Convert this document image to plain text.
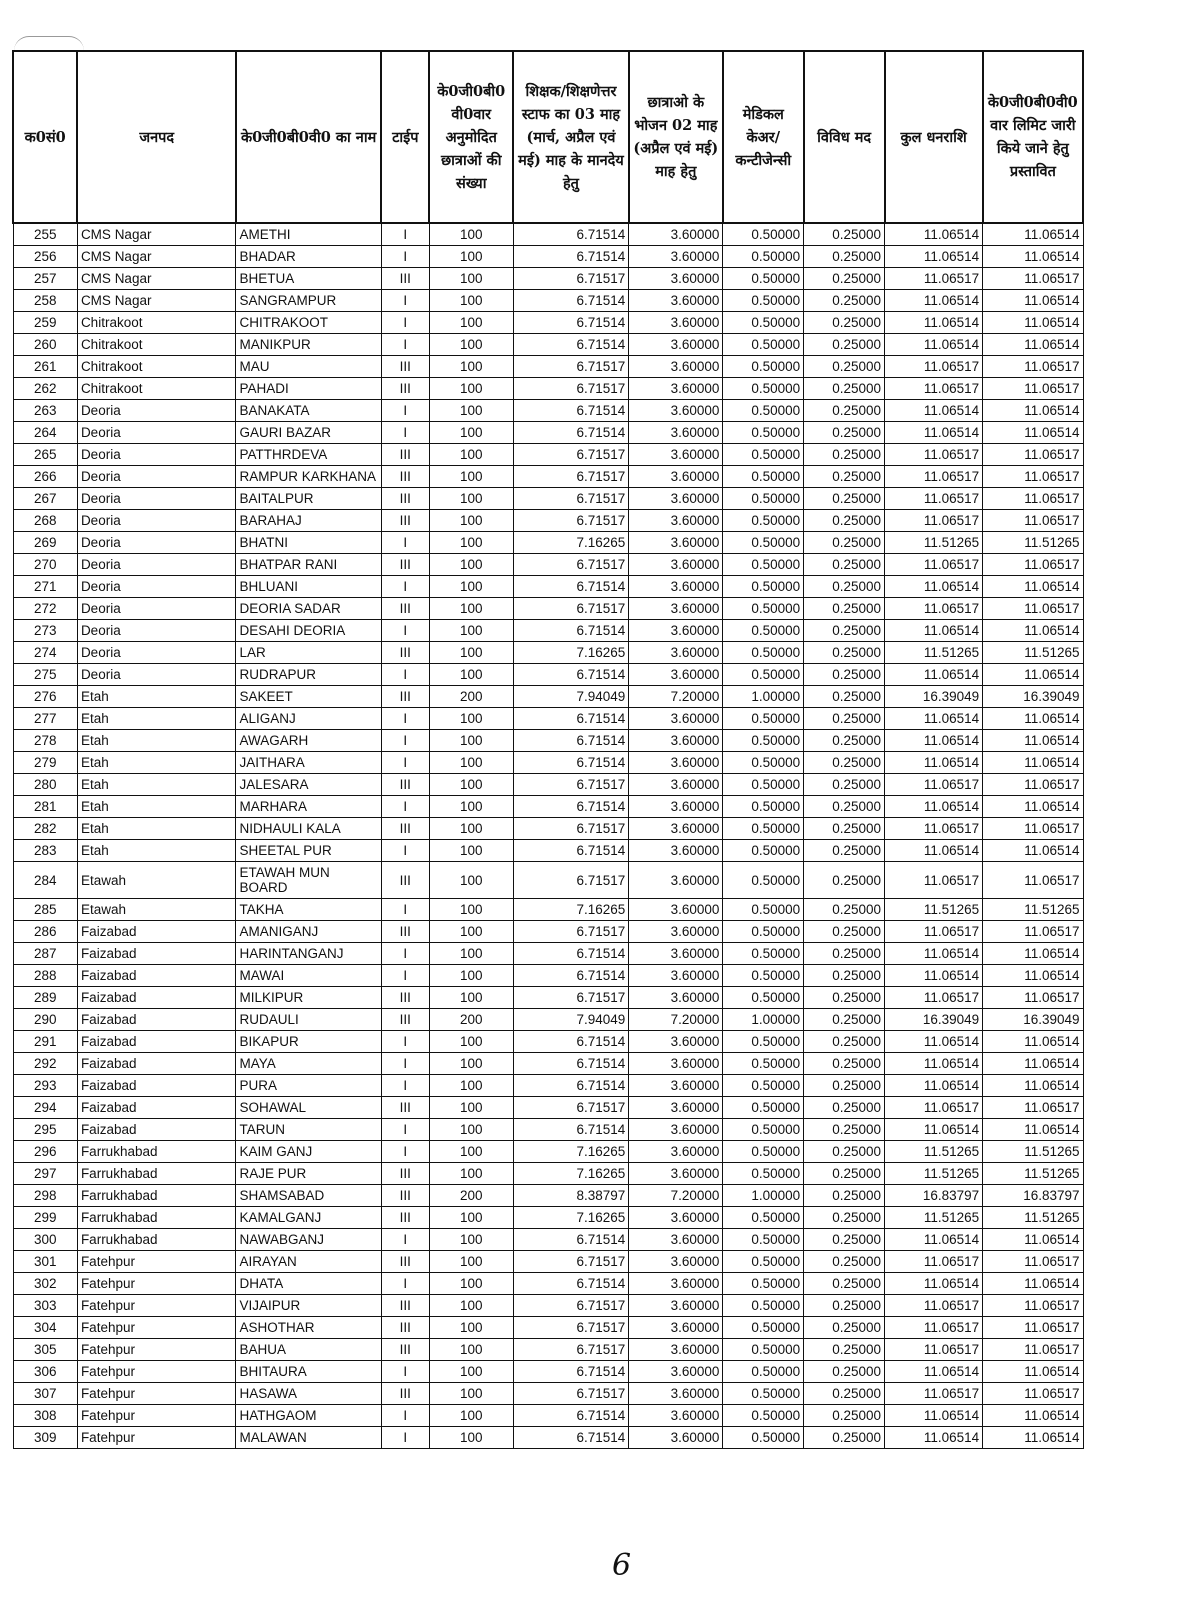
क0सं0	जनपद	के0जी0बी0वी0 का नाम	टाईप	के0जी0बी0 वी0वार अनुमोदित छात्राओं की संख्या	शिक्षक/शिक्षणेत्तर स्टाफ का 03 माह (मार्च, अप्रैल एवं मई) माह के मानदेय हेतु	छात्राओ के भोजन 02 माह (अप्रैल एवं मई) माह हेतु	मेडिकल केअर/ कन्टीजेन्सी	विविध मद	कुल धनराशि	के0जी0बी0वी0 वार लिमिट जारी किये जाने हेतु प्रस्तावित
255	CMS Nagar	AMETHI	I	100	6.71514	3.60000	0.50000	0.25000	11.06514	11.06514
256	CMS Nagar	BHADAR	I	100	6.71514	3.60000	0.50000	0.25000	11.06514	11.06514
257	CMS Nagar	BHETUA	III	100	6.71517	3.60000	0.50000	0.25000	11.06517	11.06517
258	CMS Nagar	SANGRAMPUR	I	100	6.71514	3.60000	0.50000	0.25000	11.06514	11.06514
259	Chitrakoot	CHITRAKOOT	I	100	6.71514	3.60000	0.50000	0.25000	11.06514	11.06514
260	Chitrakoot	MANIKPUR	I	100	6.71514	3.60000	0.50000	0.25000	11.06514	11.06514
261	Chitrakoot	MAU	III	100	6.71517	3.60000	0.50000	0.25000	11.06517	11.06517
262	Chitrakoot	PAHADI	III	100	6.71517	3.60000	0.50000	0.25000	11.06517	11.06517
263	Deoria	BANAKATA	I	100	6.71514	3.60000	0.50000	0.25000	11.06514	11.06514
264	Deoria	GAURI BAZAR	I	100	6.71514	3.60000	0.50000	0.25000	11.06514	11.06514
265	Deoria	PATTHRDEVA	III	100	6.71517	3.60000	0.50000	0.25000	11.06517	11.06517
266	Deoria	RAMPUR KARKHANA	III	100	6.71517	3.60000	0.50000	0.25000	11.06517	11.06517
267	Deoria	BAITALPUR	III	100	6.71517	3.60000	0.50000	0.25000	11.06517	11.06517
268	Deoria	BARAHAJ	III	100	6.71517	3.60000	0.50000	0.25000	11.06517	11.06517
269	Deoria	BHATNI	I	100	7.16265	3.60000	0.50000	0.25000	11.51265	11.51265
270	Deoria	BHATPAR RANI	III	100	6.71517	3.60000	0.50000	0.25000	11.06517	11.06517
271	Deoria	BHLUANI	I	100	6.71514	3.60000	0.50000	0.25000	11.06514	11.06514
272	Deoria	DEORIA SADAR	III	100	6.71517	3.60000	0.50000	0.25000	11.06517	11.06517
273	Deoria	DESAHI DEORIA	I	100	6.71514	3.60000	0.50000	0.25000	11.06514	11.06514
274	Deoria	LAR	III	100	7.16265	3.60000	0.50000	0.25000	11.51265	11.51265
275	Deoria	RUDRAPUR	I	100	6.71514	3.60000	0.50000	0.25000	11.06514	11.06514
276	Etah	SAKEET	III	200	7.94049	7.20000	1.00000	0.25000	16.39049	16.39049
277	Etah	ALIGANJ	I	100	6.71514	3.60000	0.50000	0.25000	11.06514	11.06514
278	Etah	AWAGARH	I	100	6.71514	3.60000	0.50000	0.25000	11.06514	11.06514
279	Etah	JAITHARA	I	100	6.71514	3.60000	0.50000	0.25000	11.06514	11.06514
280	Etah	JALESARA	III	100	6.71517	3.60000	0.50000	0.25000	11.06517	11.06517
281	Etah	MARHARA	I	100	6.71514	3.60000	0.50000	0.25000	11.06514	11.06514
282	Etah	NIDHAULI KALA	III	100	6.71517	3.60000	0.50000	0.25000	11.06517	11.06517
283	Etah	SHEETAL PUR	I	100	6.71514	3.60000	0.50000	0.25000	11.06514	11.06514
284	Etawah	ETAWAH MUN BOARD	III	100	6.71517	3.60000	0.50000	0.25000	11.06517	11.06517
285	Etawah	TAKHA	I	100	7.16265	3.60000	0.50000	0.25000	11.51265	11.51265
286	Faizabad	AMANIGANJ	III	100	6.71517	3.60000	0.50000	0.25000	11.06517	11.06517
287	Faizabad	HARINTANGANJ	I	100	6.71514	3.60000	0.50000	0.25000	11.06514	11.06514
288	Faizabad	MAWAI	I	100	6.71514	3.60000	0.50000	0.25000	11.06514	11.06514
289	Faizabad	MILKIPUR	III	100	6.71517	3.60000	0.50000	0.25000	11.06517	11.06517
290	Faizabad	RUDAULI	III	200	7.94049	7.20000	1.00000	0.25000	16.39049	16.39049
291	Faizabad	BIKAPUR	I	100	6.71514	3.60000	0.50000	0.25000	11.06514	11.06514
292	Faizabad	MAYA	I	100	6.71514	3.60000	0.50000	0.25000	11.06514	11.06514
293	Faizabad	PURA	I	100	6.71514	3.60000	0.50000	0.25000	11.06514	11.06514
294	Faizabad	SOHAWAL	III	100	6.71517	3.60000	0.50000	0.25000	11.06517	11.06517
295	Faizabad	TARUN	I	100	6.71514	3.60000	0.50000	0.25000	11.06514	11.06514
296	Farrukhabad	KAIM GANJ	I	100	7.16265	3.60000	0.50000	0.25000	11.51265	11.51265
297	Farrukhabad	RAJE PUR	III	100	7.16265	3.60000	0.50000	0.25000	11.51265	11.51265
298	Farrukhabad	SHAMSABAD	III	200	8.38797	7.20000	1.00000	0.25000	16.83797	16.83797
299	Farrukhabad	KAMALGANJ	III	100	7.16265	3.60000	0.50000	0.25000	11.51265	11.51265
300	Farrukhabad	NAWABGANJ	I	100	6.71514	3.60000	0.50000	0.25000	11.06514	11.06514
301	Fatehpur	AIRAYAN	III	100	6.71517	3.60000	0.50000	0.25000	11.06517	11.06517
302	Fatehpur	DHATA	I	100	6.71514	3.60000	0.50000	0.25000	11.06514	11.06514
303	Fatehpur	VIJAIPUR	III	100	6.71517	3.60000	0.50000	0.25000	11.06517	11.06517
304	Fatehpur	ASHOTHAR	III	100	6.71517	3.60000	0.50000	0.25000	11.06517	11.06517
305	Fatehpur	BAHUA	III	100	6.71517	3.60000	0.50000	0.25000	11.06517	11.06517
306	Fatehpur	BHITAURA	I	100	6.71514	3.60000	0.50000	0.25000	11.06514	11.06514
307	Fatehpur	HASAWA	III	100	6.71517	3.60000	0.50000	0.25000	11.06517	11.06517
308	Fatehpur	HATHGAOM	I	100	6.71514	3.60000	0.50000	0.25000	11.06514	11.06514
309	Fatehpur	MALAWAN	I	100	6.71514	3.60000	0.50000	0.25000	11.06514	11.06514
6
